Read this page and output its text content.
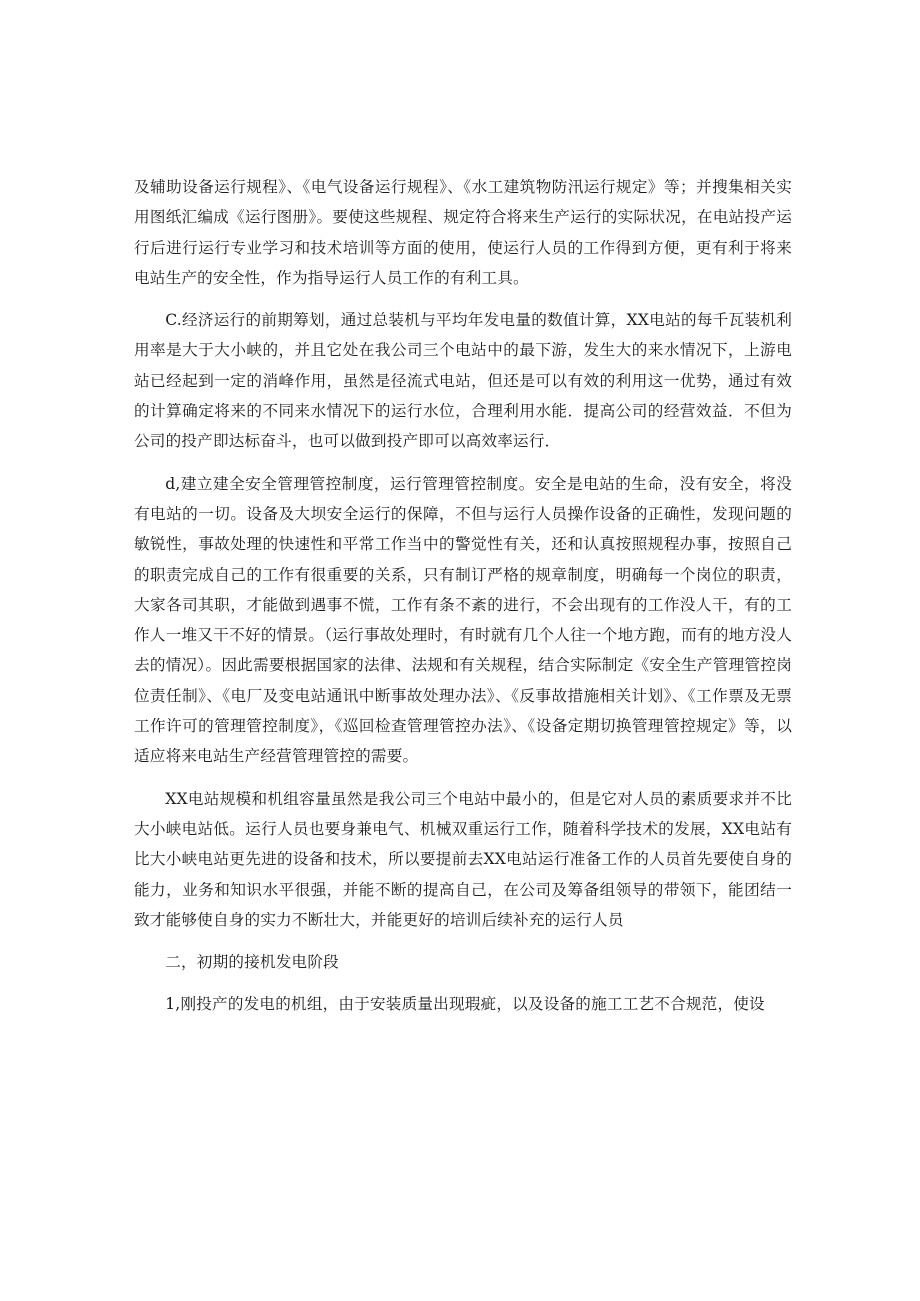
及辅助设备运行规程》、《电气设备运行规程》、《水工建筑物防汛运行规定》等；并搜集相关实用图纸汇编成《运行图册》。要使这些规程、规定符合将来生产运行的实际状况，在电站投产运行后进行运行专业学习和技术培训等方面的使用，使运行人员的工作得到方便，更有利于将来电站生产的安全性，作为指导运行人员工作的有利工具。

C.经济运行的前期筹划，通过总装机与平均年发电量的数值计算，XX电站的每千瓦装机利用率是大于大小峡的，并且它处在我公司三个电站中的最下游，发生大的来水情况下，上游电站已经起到一定的消峰作用，虽然是径流式电站，但还是可以有效的利用这一优势，通过有效的计算确定将来的不同来水情况下的运行水位，合理利用水能．提高公司的经营效益．不但为公司的投产即达标奋斗，也可以做到投产即可以高效率运行．

d,建立建全安全管理管控制度，运行管理管控制度。安全是电站的生命，没有安全，将没有电站的一切。设备及大坝安全运行的保障，不但与运行人员操作设备的正确性，发现问题的敏锐性，事故处理的快速性和平常工作当中的警觉性有关，还和认真按照规程办事，按照自己的职责完成自己的工作有很重要的关系，只有制订严格的规章制度，明确每一个岗位的职责，大家各司其职，才能做到遇事不慌，工作有条不紊的进行，不会出现有的工作没人干，有的工作人一堆又干不好的情景。（运行事故处理时，有时就有几个人往一个地方跑，而有的地方没人去的情况）。因此需要根据国家的法律、法规和有关规程，结合实际制定《安全生产管理管控岗位责任制》、《电厂及变电站通讯中断事故处理办法》、《反事故措施相关计划》、《工作票及无票工作许可的管理管控制度》，《巡回检查管理管控办法》、《设备定期切换管理管控规定》等，以适应将来电站生产经营管理管控的需要。

XX电站规模和机组容量虽然是我公司三个电站中最小的，但是它对人员的素质要求并不比大小峡电站低。运行人员也要身兼电气、机械双重运行工作，随着科学技术的发展，XX电站有比大小峡电站更先进的设备和技术，所以要提前去XX电站运行准备工作的人员首先要使自身的能力，业务和知识水平很强，并能不断的提高自己，在公司及筹备组领导的带领下，能团结一致才能够使自身的实力不断壮大，并能更好的培训后续补充的运行人员

二，初期的接机发电阶段

1,刚投产的发电的机组，由于安装质量出现瑕疵，以及设备的施工工艺不合规范，使设
